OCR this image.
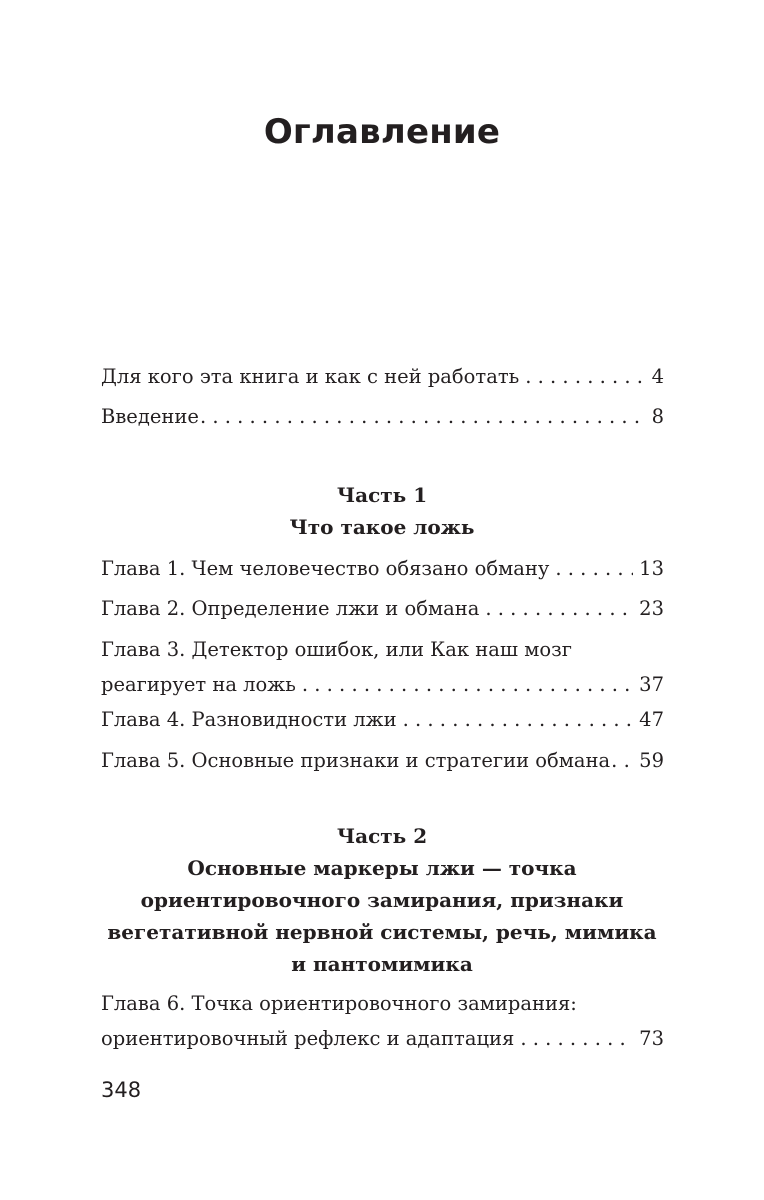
Оглавление
Для кого эта книга и как с ней работать . . .	4
Введение . . .	8
Часть 1
Что такое ложь
Глава 1. Чем человечество обязано обману . . .	13
Глава 2. Определение лжи и обмана . . .	23
Глава 3. Детектор ошибок, или Как наш мозг
реагирует на ложь . . .	37
Глава 4. Разновидности лжи . . .	47
Глава 5. Основные признаки и стратегии обмана . . . 59
Часть 2
Основные маркеры лжи — точка
ориентировочного замирания, признаки
вегетативной нервной системы, речь, мимика
и пантомимика
Глава 6. Точка ориентировочного замирания:
ориентировочный рефлекс и адаптация . . .	73
348
